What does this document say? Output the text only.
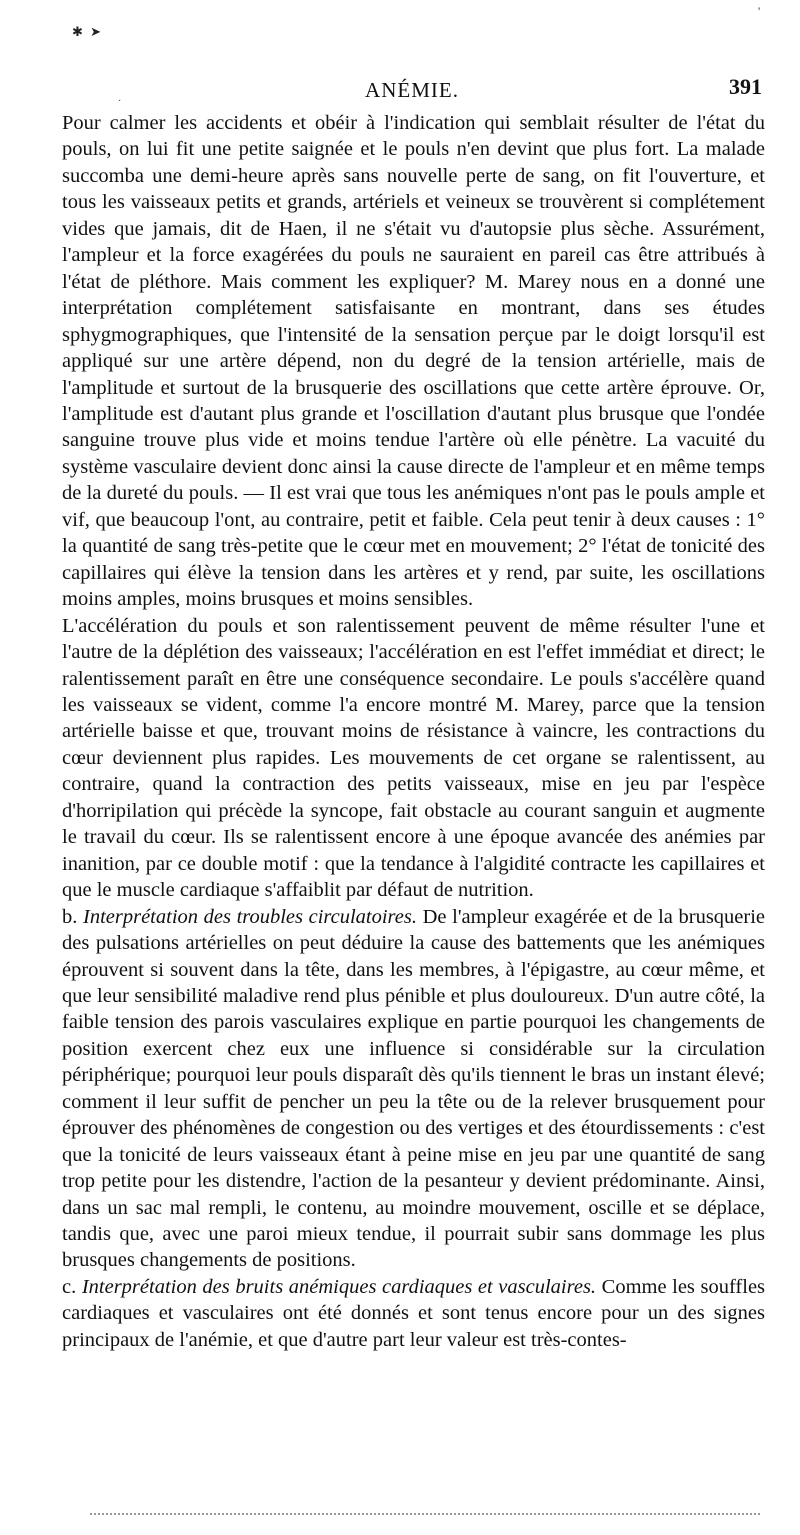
✱ ➤
'
·	ANÉMIE.	391

Pour calmer les accidents et obéir à l'indication qui semblait résulter de l'état du pouls, on lui fit une petite saignée et le pouls n'en devint que plus fort. La malade succomba une demi-heure après sans nouvelle perte de sang, on fit l'ouverture, et tous les vaisseaux petits et grands, artériels et veineux se trouvèrent si complétement vides que jamais, dit de Haen, il ne s'était vu d'autopsie plus sèche. Assurément, l'ampleur et la force exagérées du pouls ne sauraient en pareil cas être attribués à l'état de pléthore. Mais comment les expliquer? M. Marey nous en a donné une interprétation complétement satisfaisante en montrant, dans ses études sphygmographiques, que l'intensité de la sensation perçue par le doigt lorsqu'il est appliqué sur une artère dépend, non du degré de la tension artérielle, mais de l'amplitude et surtout de la brusquerie des oscillations que cette artère éprouve. Or, l'amplitude est d'autant plus grande et l'oscillation d'autant plus brusque que l'ondée sanguine trouve plus vide et moins tendue l'artère où elle pénètre. La vacuité du système vasculaire devient donc ainsi la cause directe de l'ampleur et en même temps de la dureté du pouls. — Il est vrai que tous les anémiques n'ont pas le pouls ample et vif, que beaucoup l'ont, au contraire, petit et faible. Cela peut tenir à deux causes : 1° la quantité de sang très-petite que le cœur met en mouvement; 2° l'état de tonicité des capillaires qui élève la tension dans les artères et y rend, par suite, les oscillations moins amples, moins brusques et moins sensibles.

L'accélération du pouls et son ralentissement peuvent de même résulter l'une et l'autre de la déplétion des vaisseaux; l'accélération en est l'effet immédiat et direct; le ralentissement paraît en être une conséquence secondaire. Le pouls s'accélère quand les vaisseaux se vident, comme l'a encore montré M. Marey, parce que la tension artérielle baisse et que, trouvant moins de résistance à vaincre, les contractions du cœur deviennent plus rapides. Les mouvements de cet organe se ralentissent, au contraire, quand la contraction des petits vaisseaux, mise en jeu par l'espèce d'horripilation qui précède la syncope, fait obstacle au courant sanguin et augmente le travail du cœur. Ils se ralentissent encore à une époque avancée des anémies par inanition, par ce double motif : que la tendance à l'algidité contracte les capillaires et que le muscle cardiaque s'affaiblit par défaut de nutrition.

b. Interprétation des troubles circulatoires. De l'ampleur exagérée et de la brusquerie des pulsations artérielles on peut déduire la cause des battements que les anémiques éprouvent si souvent dans la tête, dans les membres, à l'épigastre, au cœur même, et que leur sensibilité maladive rend plus pénible et plus douloureux. D'un autre côté, la faible tension des parois vasculaires explique en partie pourquoi les changements de position exercent chez eux une influence si considérable sur la circulation périphérique; pourquoi leur pouls disparaît dès qu'ils tiennent le bras un instant élevé; comment il leur suffit de pencher un peu la tête ou de la relever brusquement pour éprouver des phénomènes de congestion ou des vertiges et des étourdissements : c'est que la tonicité de leurs vaisseaux étant à peine mise en jeu par une quantité de sang trop petite pour les distendre, l'action de la pesanteur y devient prédominante. Ainsi, dans un sac mal rempli, le contenu, au moindre mouvement, oscille et se déplace, tandis que, avec une paroi mieux tendue, il pourrait subir sans dommage les plus brusques changements de positions.

c. Interprétation des bruits anémiques cardiaques et vasculaires. Comme les souffles cardiaques et vasculaires ont été donnés et sont tenus encore pour un des signes principaux de l'anémie, et que d'autre part leur valeur est très-contes-
